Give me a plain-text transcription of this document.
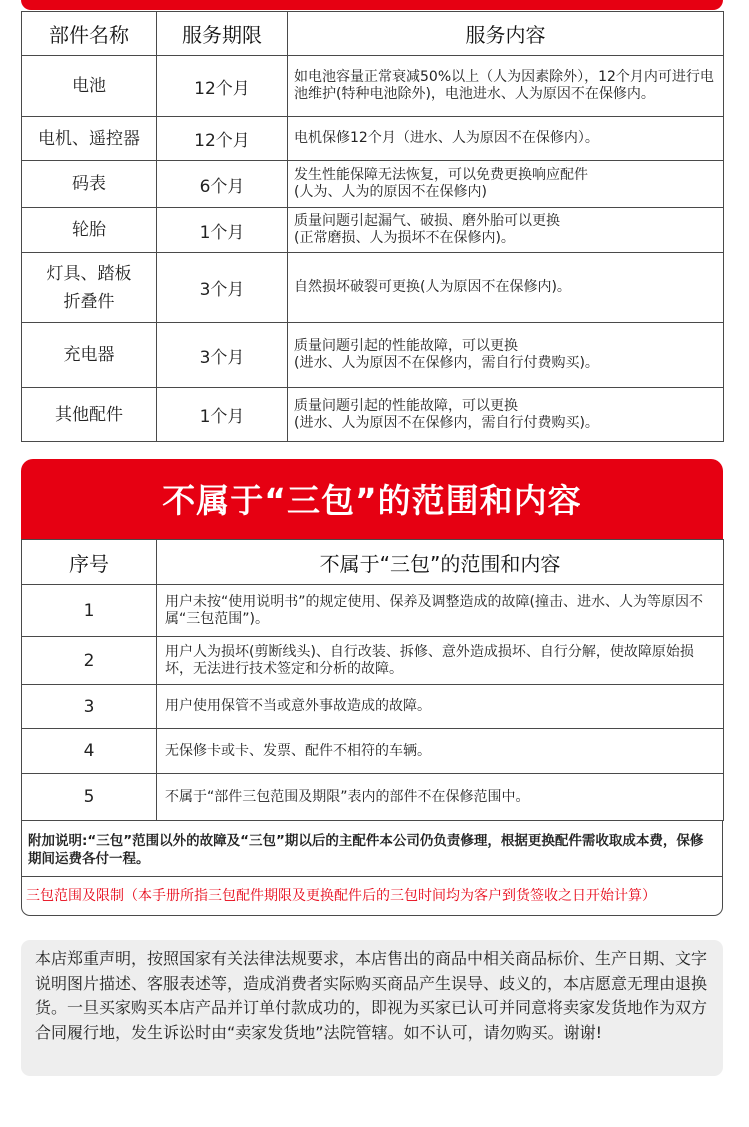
部件名称	服务期限	服务内容
电池	12个月	如电池容量正常衰减50%以上（人为因素除外），12个月内可进行电池维护(特种电池除外)，电池进水、人为原因不在保修内。
电机、遥控器	12个月	电机保修12个月（进水、人为原因不在保修内）。
码表	6个月	发生性能保障无法恢复，可以免费更换响应配件
(人为、人为的原因不在保修内)
轮胎	1个月	质量问题引起漏气、破损、磨外胎可以更换
(正常磨损、人为损坏不在保修内)。
灯具、踏板
折叠件	3个月	自然损坏破裂可更换(人为原因不在保修内)。
充电器	3个月	质量问题引起的性能故障，可以更换
(进水、人为原因不在保修内，需自行付费购买)。
其他配件	1个月	质量问题引起的性能故障，可以更换
(进水、人为原因不在保修内，需自行付费购买)。
不属于“三包”的范围和内容
序号	不属于“三包”的范围和内容
1	用户未按“使用说明书”的规定使用、保养及调整造成的故障(撞击、进水、人为等原因不属“三包范围”)。
2	用户人为损坏(剪断线头)、自行改装、拆修、意外造成损坏、自行分解，使故障原始损坏，无法进行技术签定和分析的故障。
3	用户使用保管不当或意外事故造成的故障。
4	无保修卡或卡、发票、配件不相符的车辆。
5	不属于“部件三包范围及期限”表内的部件不在保修范围中。
附加说明:“三包”范围以外的故障及“三包”期以后的主配件本公司仍负责修理，根据更换配件需收取成本费，保修期间运费各付一程。
三包范围及限制（本手册所指三包配件期限及更换配件后的三包时间均为客户到货签收之日开始计算）
本店郑重声明，按照国家有关法律法规要求，本店售出的商品中相关商品标价、生产日期、文字说明图片描述、客服表述等，造成消费者实际购买商品产生误导、歧义的，本店愿意无理由退换货。一旦买家购买本店产品并订单付款成功的，即视为买家已认可并同意将卖家发货地作为双方合同履行地，发生诉讼时由“卖家发货地”法院管辖。如不认可，请勿购买。谢谢!
